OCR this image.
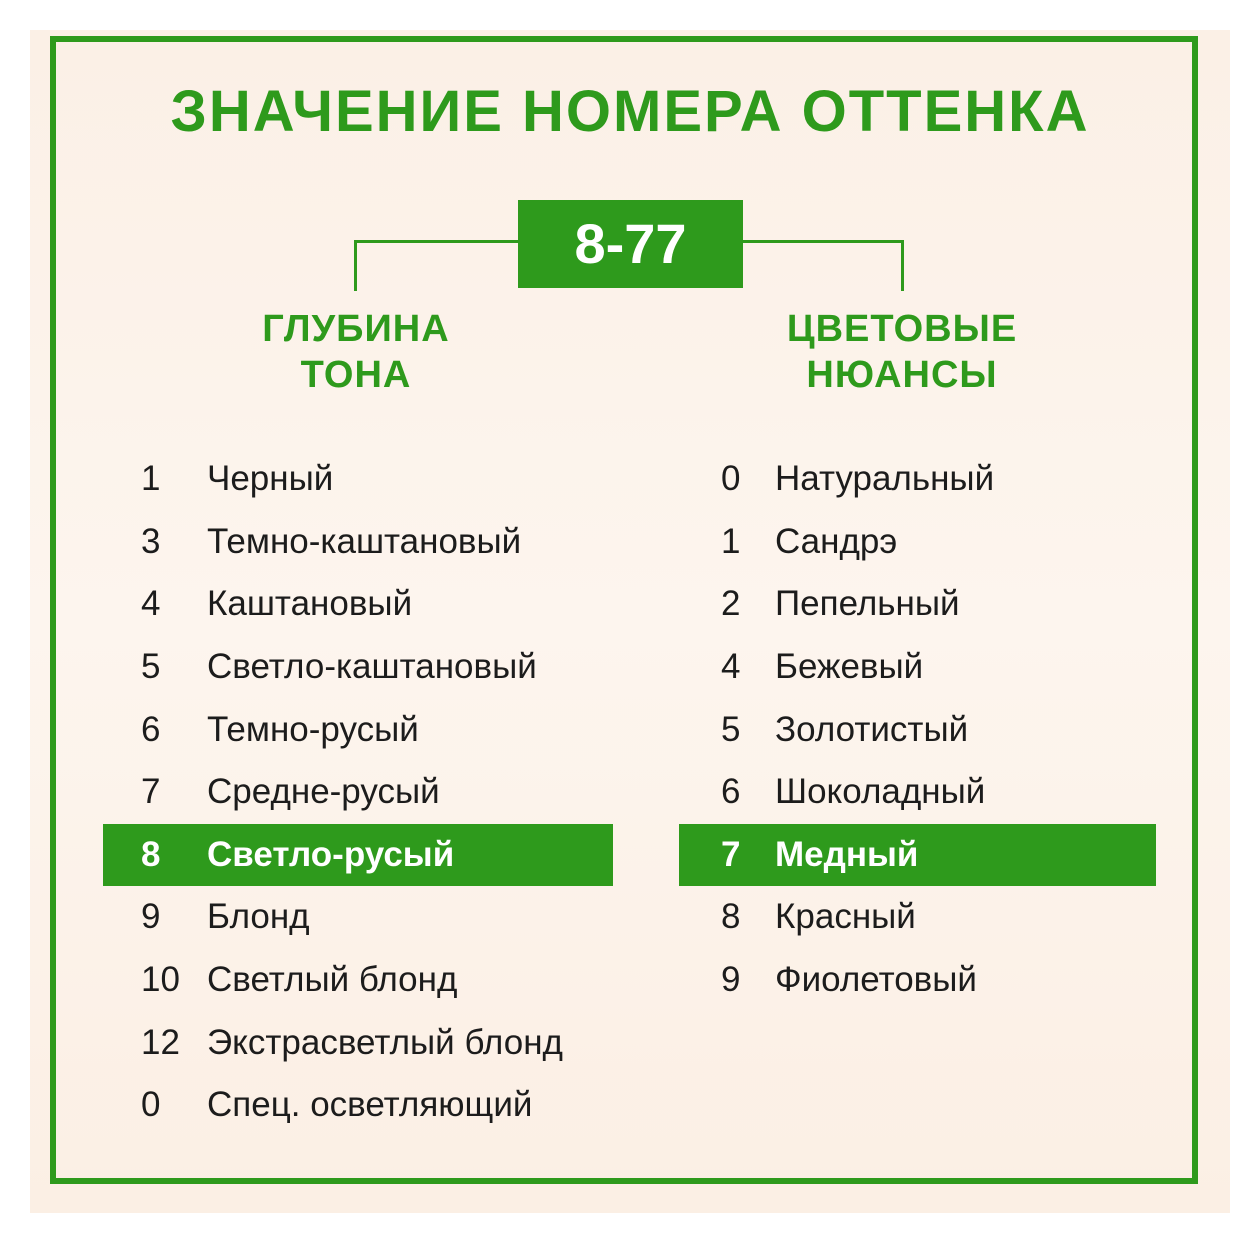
ЗНАЧЕНИЕ НОМЕРА ОТТЕНКА
8-77
ГЛУБИНА
ТОНА
ЦВЕТОВЫЕ
НЮАНСЫ
1	Черный
3	Темно-каштановый
4	Каштановый
5	Светло-каштановый
6	Темно-русый
7	Средне-русый
8	Светло-русый
9	Блонд
10 Светлый блонд
12 Экстрасветлый блонд
0	Спец. осветляющий
0 Натуральный
1 Сандрэ
2 Пепельный
4 Бежевый
5 Золотистый
6 Шоколадный
7 Медный
8 Красный
9 Фиолетовый
